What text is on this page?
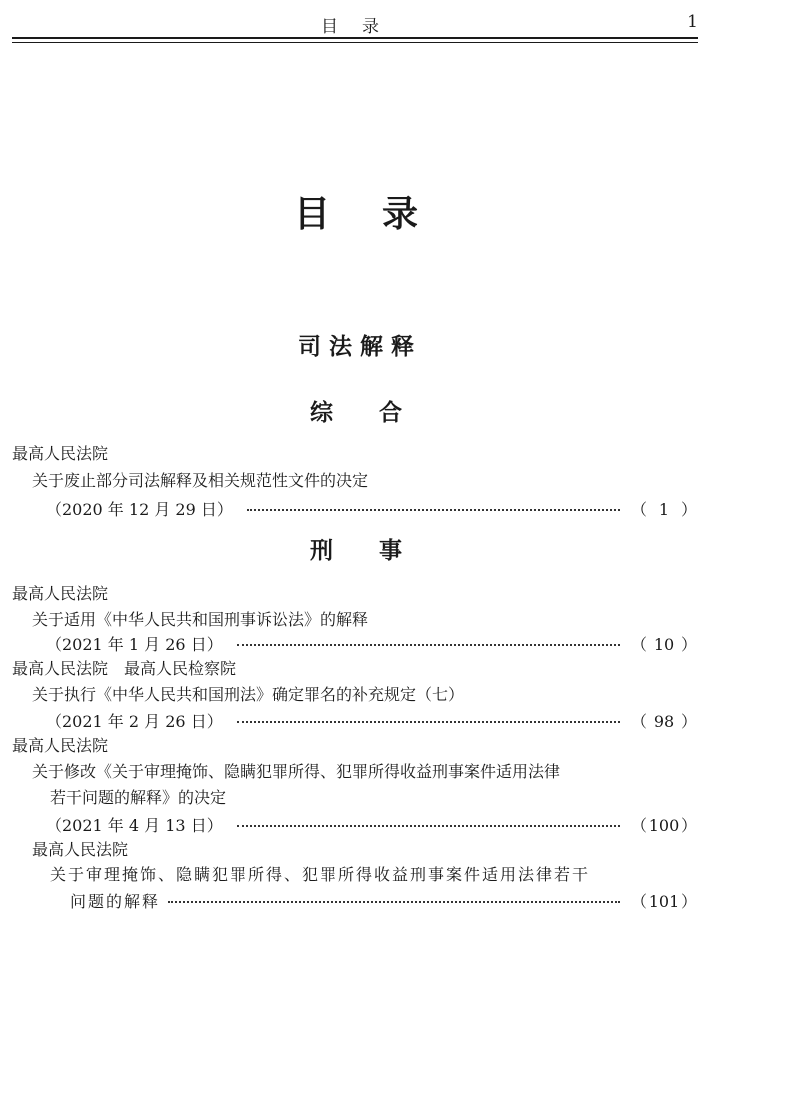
目录	1
目录
司法解释
综合
最高人民法院
关于废止部分司法解释及相关规范性文件的决定
（2020 年 12 月 29 日）	（ 1 ）
刑事
最高人民法院
关于适用《中华人民共和国刑事诉讼法》的解释
（2021 年 1 月 26 日）	（ 10 ）
最高人民法院　最高人民检察院
关于执行《中华人民共和国刑法》确定罪名的补充规定（七）
（2021 年 2 月 26 日）	（ 98 ）
最高人民法院
关于修改《关于审理掩饰、隐瞒犯罪所得、犯罪所得收益刑事案件适用法律
若干问题的解释》的决定
（2021 年 4 月 13 日）	（ 100 ）
最高人民法院
关于审理掩饰、隐瞒犯罪所得、犯罪所得收益刑事案件适用法律若干
问题的解释	（ 101 ）
